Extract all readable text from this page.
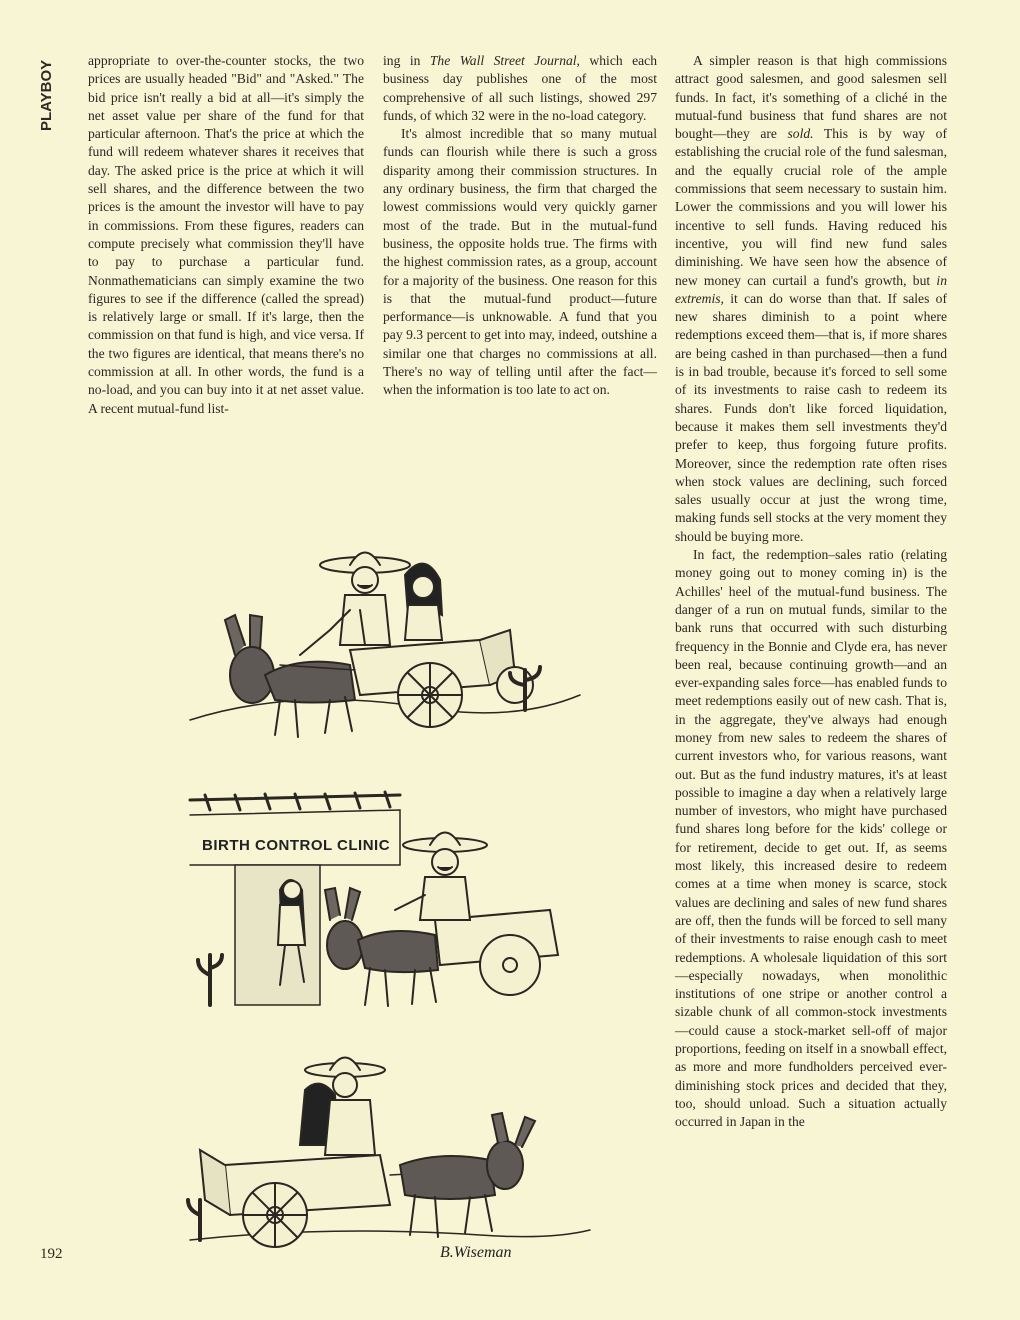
PLAYBOY	appropriate to over-the-counter stocks, the two prices are usually headed "Bid" and "Asked." The bid price isn't really a bid at all—it's simply the net asset value per share of the fund for that particular afternoon. That's the price at which the fund will redeem whatever shares it receives that day. The asked price is the price at which it will sell shares, and the difference between the two prices is the amount the investor will have to pay in commissions. From these figures, readers can compute precisely what commission they'll have to pay to purchase a particular fund. Nonmathematicians can simply examine the two figures to see if the difference (called the spread) is relatively large or small. If it's large, then the commission on that fund is high, and vice versa. If the two figures are identical, that means there's no commission at all. In other words, the fund is a no-load, and you can buy into it at net asset value. A recent mutual-fund list-

ing in The Wall Street Journal, which each business day publishes one of the most comprehensive of all such listings, showed 297 funds, of which 32 were in the no-load category.

It's almost incredible that so many mutual funds can flourish while there is such a gross disparity among their commission structures. In any ordinary business, the firm that charged the lowest commissions would very quickly garner most of the trade. But in the mutual-fund business, the opposite holds true. The firms with the highest commission rates, as a group, account for a majority of the business. One reason for this is that the mutual-fund product—future performance—is unknowable. A fund that you pay 9.3 percent to get into may, indeed, outshine a similar one that charges no commissions at all. There's no way of telling until after the fact—when the information is too late to act on.

A simpler reason is that high commissions attract good salesmen, and good salesmen sell funds. In fact, it's something of a cliché in the mutual-fund business that fund shares are not bought—they are sold. This is by way of establishing the crucial role of the fund salesman, and the equally crucial role of the ample commissions that seem necessary to sustain him. Lower the commissions and you will lower his incentive to sell funds. Having reduced his incentive, you will find new fund sales diminishing. We have seen how the absence of new money can curtail a fund's growth, but in extremis, it can do worse than that. If sales of new shares diminish to a point where redemptions exceed them—that is, if more shares are being cashed in than purchased—then a fund is in bad trouble, because it's forced to sell some of its investments to raise cash to redeem its shares. Funds don't like forced liquidation, because it makes them sell investments they'd prefer to keep, thus forgoing future profits. Moreover, since the redemption rate often rises when stock values are declining, such forced sales usually occur at just the wrong time, making funds sell stocks at the very moment they should be buying more.

In fact, the redemption–sales ratio (relating money going out to money coming in) is the Achilles' heel of the mutual-fund business. The danger of a run on mutual funds, similar to the bank runs that occurred with such disturbing frequency in the Bonnie and Clyde era, has never been real, because continuing growth—and an ever-expanding sales force—has enabled funds to meet redemptions easily out of new cash. That is, in the aggregate, they've always had enough money from new sales to redeem the shares of current investors who, for various reasons, want out. But as the fund industry matures, it's at least possible to imagine a day when a relatively large number of investors, who might have purchased fund shares long before for the kids' college or for retirement, decide to get out. If, as seems most likely, this increased desire to redeem comes at a time when money is scarce, stock values are declining and sales of new fund shares are off, then the funds will be forced to sell many of their investments to raise enough cash to meet redemptions. A wholesale liquidation of this sort—especially nowadays, when monolithic institutions of one stripe or another control a sizable chunk of all common-stock investments—could cause a stock-market sell-off of major proportions, feeding on itself in a snowball effect, as more and more fundholders perceived ever-diminishing stock prices and decided that they, too, should unload. Such a situation actually occurred in Japan in the

BIRTH CONTROL CLINIC
B.Wiseman
192
